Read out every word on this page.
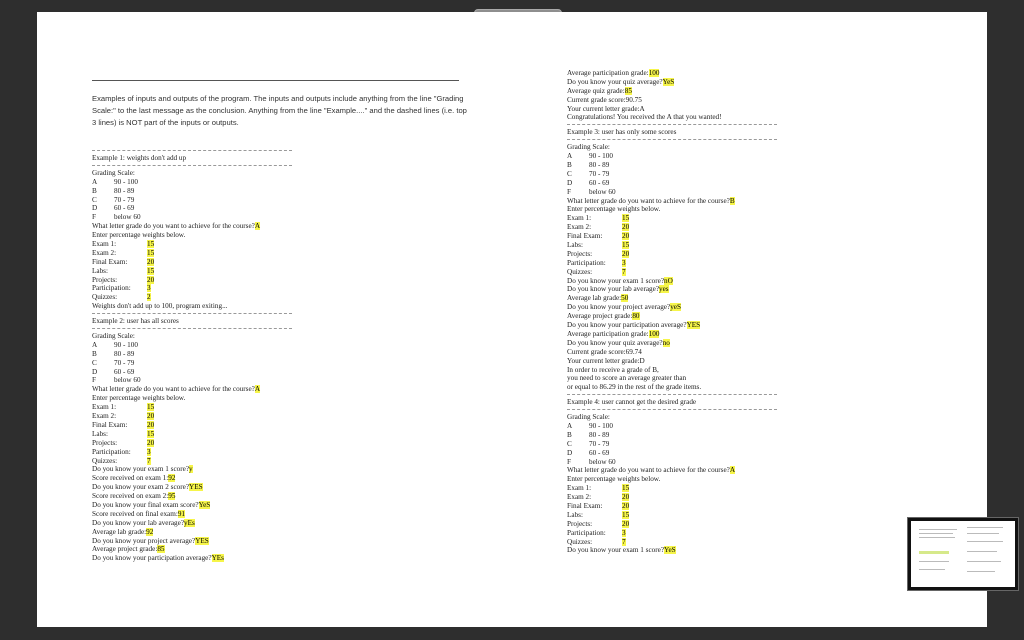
Examples of inputs and outputs of the program. The inputs and outputs include anything from the line "Grading Scale:" to the last message as the conclusion. Anything from the line "Example...." and the dashed lines (i.e. top 3 lines) is NOT part of the inputs or outputs.
Example 1: weights don't add up
Grading Scale:
A 90 - 100
B 80 - 89
C 70 - 79
D 60 - 69
F	below 60
What letter grade do you want to achieve for the course?A
Enter percentage weights below.
Exam 1:	15
Exam 2:	15
Final Exam:	20
Labs:	15
Projects:	20
Participation: 3
Quizzes:	2
Weights don't add up to 100, program exiting...
Example 2: user has all scores
Grading Scale:
A 90 - 100
B 80 - 89
C 70 - 79
D 60 - 69
F	below 60
What letter grade do you want to achieve for the course?A
Enter percentage weights below.
Exam 1:	15
Exam 2:	20
Final Exam:	20
Labs:	15
Projects:	20
Participation: 3
Quizzes:	7
Do you know your exam 1 score?y
Score received on exam 1:92
Do you know your exam 2 score?YES
Score received on exam 2:95
Do you know your final exam score?YeS
Score received on final exam:91
Do you know your lab average?yEs
Average lab grade:92
Do you know your project average?YES
Average project grade:85
Do you know your participation average?YEs
Average participation grade:100
Do you know your quiz average?YeS
Average quiz grade:85
Current grade score:90.75
Your current letter grade:A
Congratulations! You received the A that you wanted!
Example 3: user has only some scores
Grading Scale:
A 90 - 100
B 80 - 89
C 70 - 79
D 60 - 69
F	below 60
What letter grade do you want to achieve for the course?B
Enter percentage weights below.
Exam 1:	15
Exam 2:	20
Final Exam:	20
Labs:	15
Projects:	20
Participation: 3
Quizzes:	7
Do you know your exam 1 score?nO
Do you know your lab average?yes
Average lab grade:50
Do you know your project average?yeS
Average project grade:80
Do you know your participation average?YES
Average participation grade:100
Do you know your quiz average?no
Current grade score:69.74
Your current letter grade:D
In order to receive a grade of B,
you need to score an average greater than
or equal to 86.29 in the rest of the grade items.
Example 4: user cannot get the desired grade
Grading Scale:
A 90 - 100
B 80 - 89
C 70 - 79
D 60 - 69
F	below 60
What letter grade do you want to achieve for the course?A
Enter percentage weights below.
Exam 1:	15
Exam 2:	20
Final Exam:	20
Labs:	15
Projects:	20
Participation: 3
Quizzes:	7
Do you know your exam 1 score?YeS
